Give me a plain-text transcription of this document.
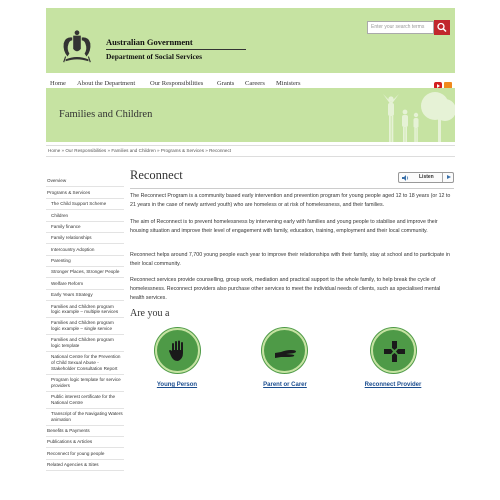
Australian Government
Department of Social Services
Enter your search terms
Home About the Department Our Responsibilities Grants Careers Ministers
Families and Children
Home » Our Responsibilities » Families and Children » Programs & Services » Reconnect
Overview
Programs & Services
The Child Support Scheme
Children
Family finance
Family relationships
Intercountry Adoption
Parenting
Stronger Places, Stronger People
Welfare Reform
Early Years Strategy
Families and Children program logic example – multiple services
Families and Children program logic example – single service
Families and Children program logic template
National Centre for the Prevention of Child Sexual Abuse - Stakeholder Consultation Report
Program logic template for service providers
Public interest certificate for the National Centre
Transcript of the Navigating Waters animation
Benefits & Payments
Publications & Articles
Reconnect for young people
Related Agencies & Sites
Reconnect	Listen

The Reconnect Program is a community based early intervention and prevention program for young people aged 12 to 18 years (or 12 to 21 years in the case of newly arrived youth) who are homeless or at risk of homelessness, and their families.

The aim of Reconnect is to prevent homelessness by intervening early with families and young people to stabilise and improve their housing situation and improve their level of engagement with family, education, training, employment and their local community.

Reconnect helps around 7,700 young people each year to improve their relationships with their family, stay at school and to participate in their local community.

Reconnect services provide counselling, group work, mediation and practical support to the whole family, to help break the cycle of homelessness. Reconnect providers also purchase other services to meet the individual needs of clients, such as specialised mental health services.

Are you a
Young Person	Parent or Carer	Reconnect Provider
